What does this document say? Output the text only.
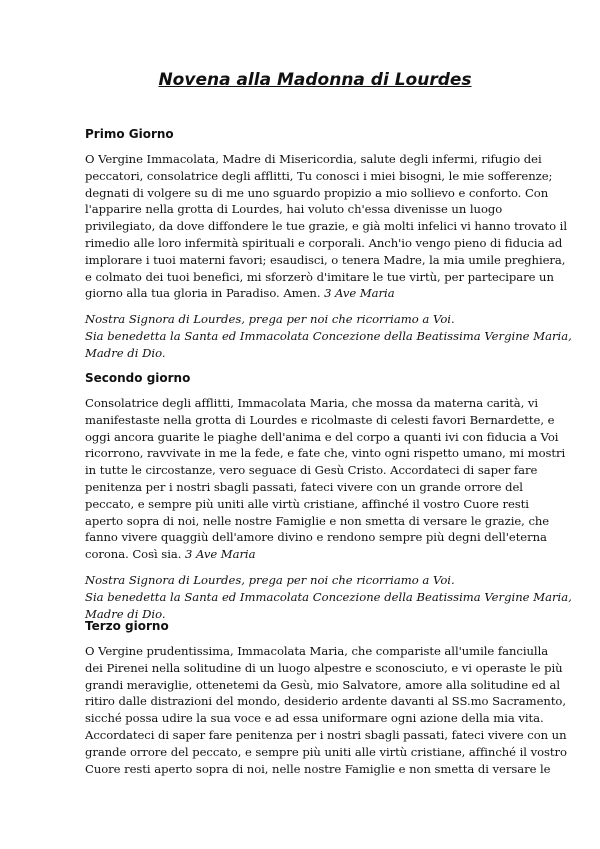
Novena alla Madonna di Lourdes
Primo Giorno

O Vergine Immacolata, Madre di Misericordia, salute degli infermi, rifugio dei
peccatori, consolatrice degli afflitti, Tu conosci i miei bisogni, le mie sofferenze;
degnati di volgere su di me uno sguardo propizio a mio sollievo e conforto. Con
l'apparire nella grotta di Lourdes, hai voluto ch'essa divenisse un luogo
privilegiato, da dove diffondere le tue grazie, e già molti infelici vi hanno trovato il
rimedio alle loro infermità spirituali e corporali. Anch'io vengo pieno di fiducia ad
implorare i tuoi materni favori; esaudisci, o tenera Madre, la mia umile preghiera,
e colmato dei tuoi benefici, mi sforzerò d'imitare le tue virtù, per partecipare un
giorno alla tua gloria in Paradiso. Amen. 3 Ave Maria

Nostra Signora di Lourdes, prega per noi che ricorriamo a Voi.
Sia benedetta la Santa ed Immacolata Concezione della Beatissima Vergine Maria,
Madre di Dio.
Secondo giorno

Consolatrice degli afflitti, Immacolata Maria, che mossa da materna carità, vi
manifestaste nella grotta di Lourdes e ricolmaste di celesti favori Bernardette, e
oggi ancora guarite le piaghe dell'anima e del corpo a quanti ivi con fiducia a Voi
ricorrono, ravvivate in me la fede, e fate che, vinto ogni rispetto umano, mi mostri
in tutte le circostanze, vero seguace di Gesù Cristo. Accordateci di saper fare
penitenza per i nostri sbagli passati, fateci vivere con un grande orrore del
peccato, e sempre più uniti alle virtù cristiane, affinché il vostro Cuore resti
aperto sopra di noi, nelle nostre Famiglie e non smetta di versare le grazie, che
fanno vivere quaggiù dell'amore divino e rendono sempre più degni dell'eterna
corona. Così sia. 3 Ave Maria

Nostra Signora di Lourdes, prega per noi che ricorriamo a Voi.
Sia benedetta la Santa ed Immacolata Concezione della Beatissima Vergine Maria,
Madre di Dio.
Terzo giorno

O Vergine prudentissima, Immacolata Maria, che compariste all'umile fanciulla
dei Pirenei nella solitudine di un luogo alpestre e sconosciuto, e vi operaste le più
grandi meraviglie, ottenetemi da Gesù, mio Salvatore, amore alla solitudine ed al
ritiro dalle distrazioni del mondo, desiderio ardente davanti al SS.mo Sacramento,
sicché possa udire la sua voce e ad essa uniformare ogni azione della mia vita.
Accordateci di saper fare penitenza per i nostri sbagli passati, fateci vivere con un
grande orrore del peccato, e sempre più uniti alle virtù cristiane, affinché il vostro
Cuore resti aperto sopra di noi, nelle nostre Famiglie e non smetta di versare le
